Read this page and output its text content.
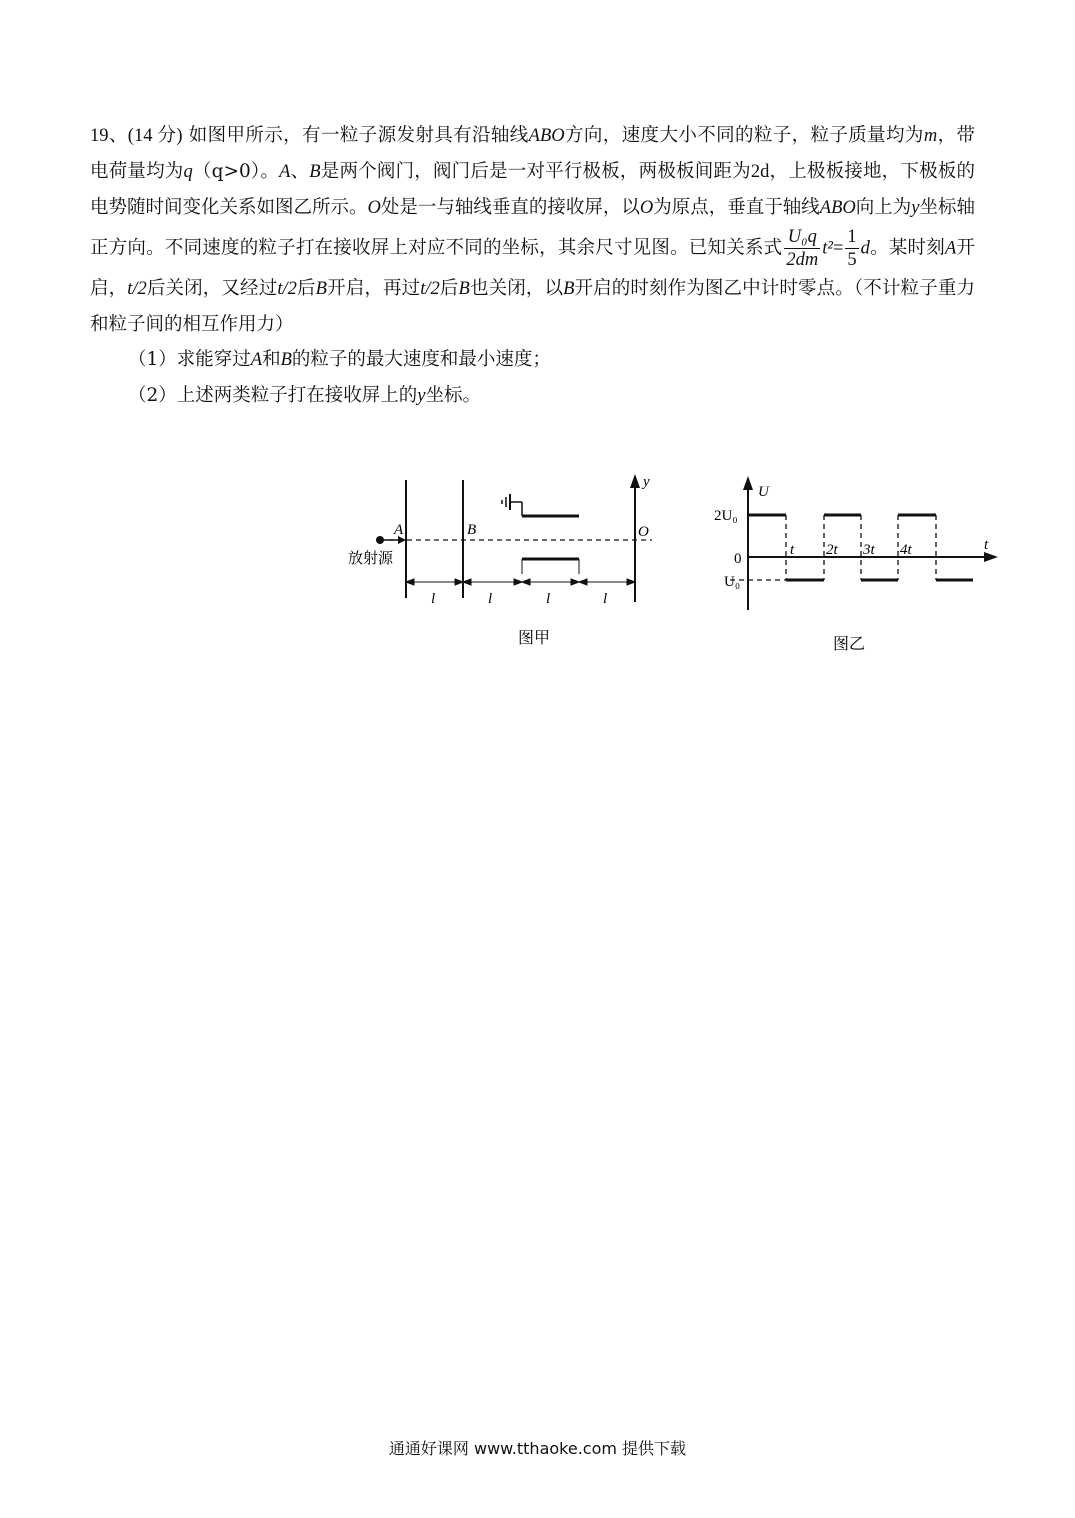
19、(14 分) 如图甲所示，有一粒子源发射具有沿轴线ABO方向，速度大小不同的粒子，粒子质量均为m，带电荷量均为q（q>0）。A、B是两个阀门，阀门后是一对平行极板，两极板间距为2d，上极板接地，下极板的电势随时间变化关系如图乙所示。O处是一与轴线垂直的接收屏，以O为原点，垂直于轴线ABO向上为y坐标轴正方向。不同速度的粒子打在接收屏上对应不同的坐标，其余尺寸见图。已知关系式 $\frac{\text{U₀q}}{2dm} t^2= \frac{1}{5}$ d。某时刻A开启，t/2后关闭，又经过t/2后B开启，再过t/2后B也关闭，以B开启的时刻作为图乙中计时零点。（不计粒子重力和粒子间的相互作用力）

（1）求能穿过A和B的粒子的最大速度和最小速度；

（2）上述两类粒子打在接收屏上的y坐标。

A	B	O
y
放射源
l	l	l	l
图甲
U
t
2U₀
0
U₀
t 2t 3t 4t
图乙
通通好课网 www.tthaoke.com 提供下载
